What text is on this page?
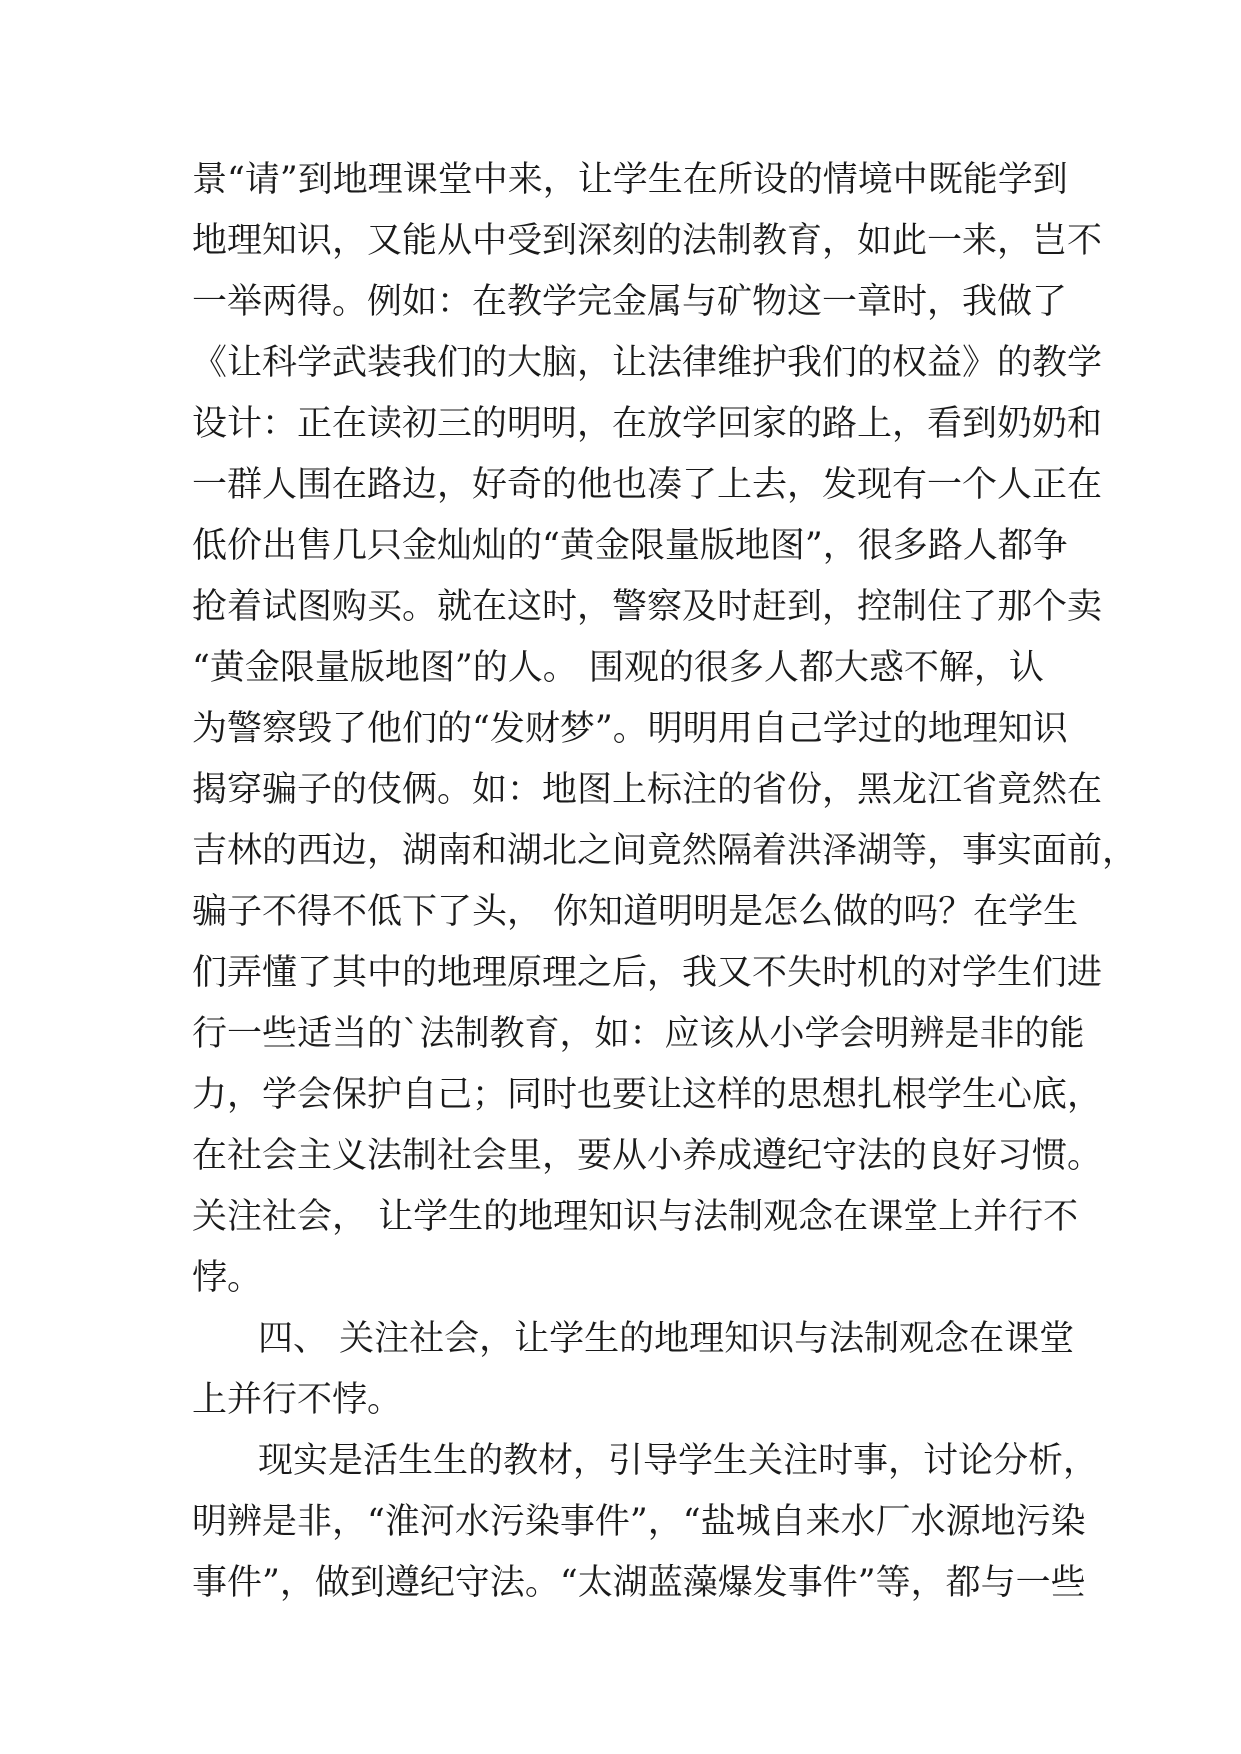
景“请”到地理课堂中来，让学生在所设的情境中既能学到
地理知识，又能从中受到深刻的法制教育，如此一来，岂不
一举两得。例如：在教学完金属与矿物这一章时，我做了
《让科学武装我们的大脑，让法律维护我们的权益》的教学
设计：正在读初三的明明，在放学回家的路上，看到奶奶和
一群人围在路边，好奇的他也凑了上去，发现有一个人正在
低价出售几只金灿灿的“黄金限量版地图”，很多路人都争
抢着试图购买。就在这时，警察及时赶到，控制住了那个卖
“黄金限量版地图”的人。 围观的很多人都大惑不解，认
为警察毁了他们的“发财梦”。明明用自己学过的地理知识
揭穿骗子的伎俩。如：地图上标注的省份，黑龙江省竟然在
吉林的西边，湖南和湖北之间竟然隔着洪泽湖等，事实面前，
骗子不得不低下了头， 你知道明明是怎么做的吗？在学生
们弄懂了其中的地理原理之后，我又不失时机的对学生们进
行一些适当的`法制教育，如：应该从小学会明辨是非的能
力，学会保护自己；同时也要让这样的思想扎根学生心底，
在社会主义法制社会里，要从小养成遵纪守法的良好习惯。
关注社会， 让学生的地理知识与法制观念在课堂上并行不
悖。
四、 关注社会，让学生的地理知识与法制观念在课堂
上并行不悖。
现实是活生生的教材，引导学生关注时事，讨论分析，
明辨是非，“淮河水污染事件”，“盐城自来水厂水源地污染
事件”，做到遵纪守法。“太湖蓝藻爆发事件”等，都与一些
